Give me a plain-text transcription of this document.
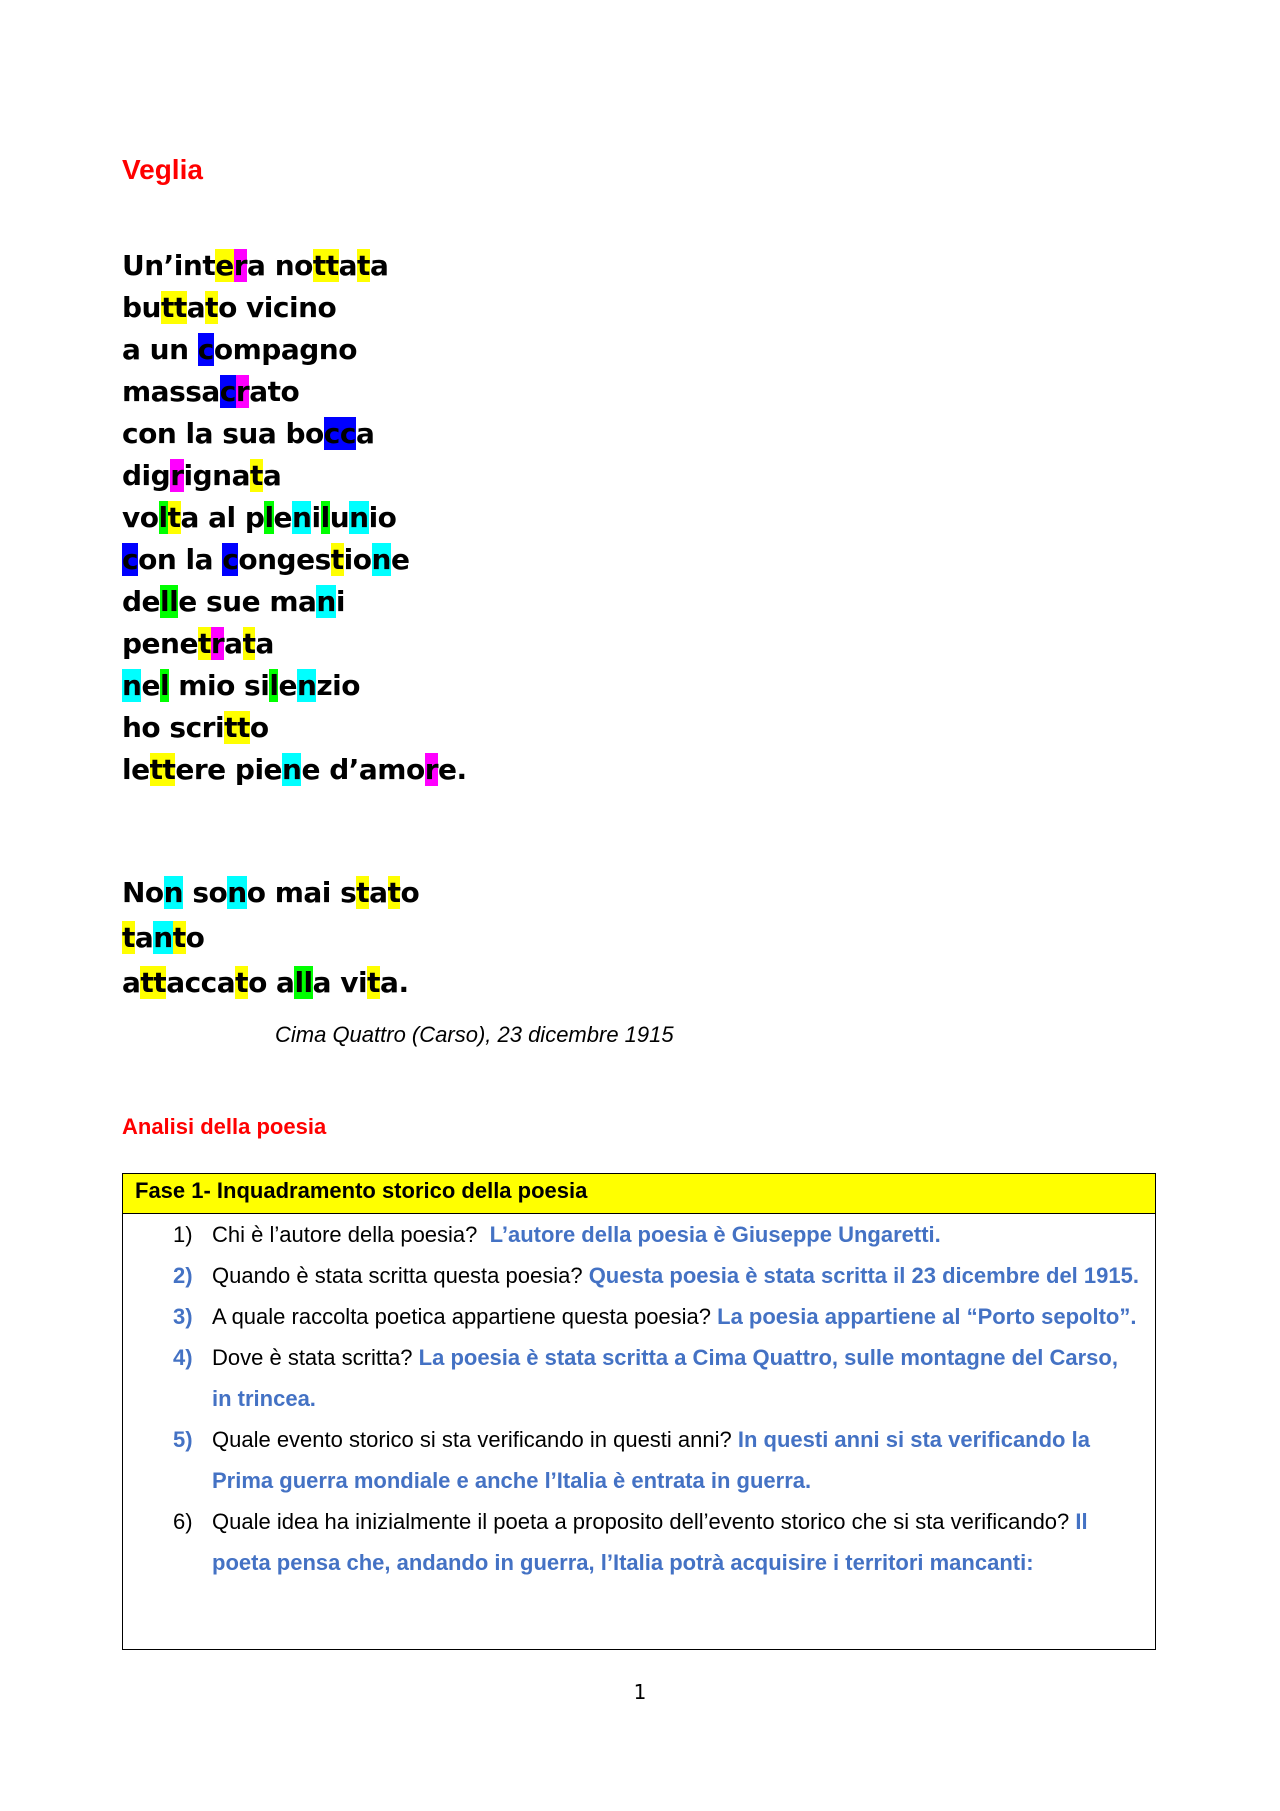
Veglia
Un’intera nottata
buttato vicino
a un compagno
massacrato
con la sua bocca
digrignata
volta al plenilunio
con la congestione
delle sue mani
penetrata
nel mio silenzio
ho scritto
lettere piene d’amore.
Non sono mai stato
tanto
attaccato alla vita.
Cima Quattro (Carso), 23 dicembre 1915
Analisi della poesia
Fase 1- Inquadramento storico della poesia
1) Chi è l’autore della poesia?  L’autore della poesia è Giuseppe Ungaretti.
2) Quando è stata scritta questa poesia? Questa poesia è stata scritta il 23 dicembre del 1915.
3) A quale raccolta poetica appartiene questa poesia? La poesia appartiene al “Porto sepolto”.
4) Dove è stata scritta? La poesia è stata scritta a Cima Quattro, sulle montagne del Carso, in trincea.
5) Quale evento storico si sta verificando in questi anni? In questi anni si sta verificando la Prima guerra mondiale e anche l’Italia è entrata in guerra.
6) Quale idea ha inizialmente il poeta a proposito dell’evento storico che si sta verificando? Il poeta pensa che, andando in guerra, l’Italia potrà acquisire i territori mancanti:
1
